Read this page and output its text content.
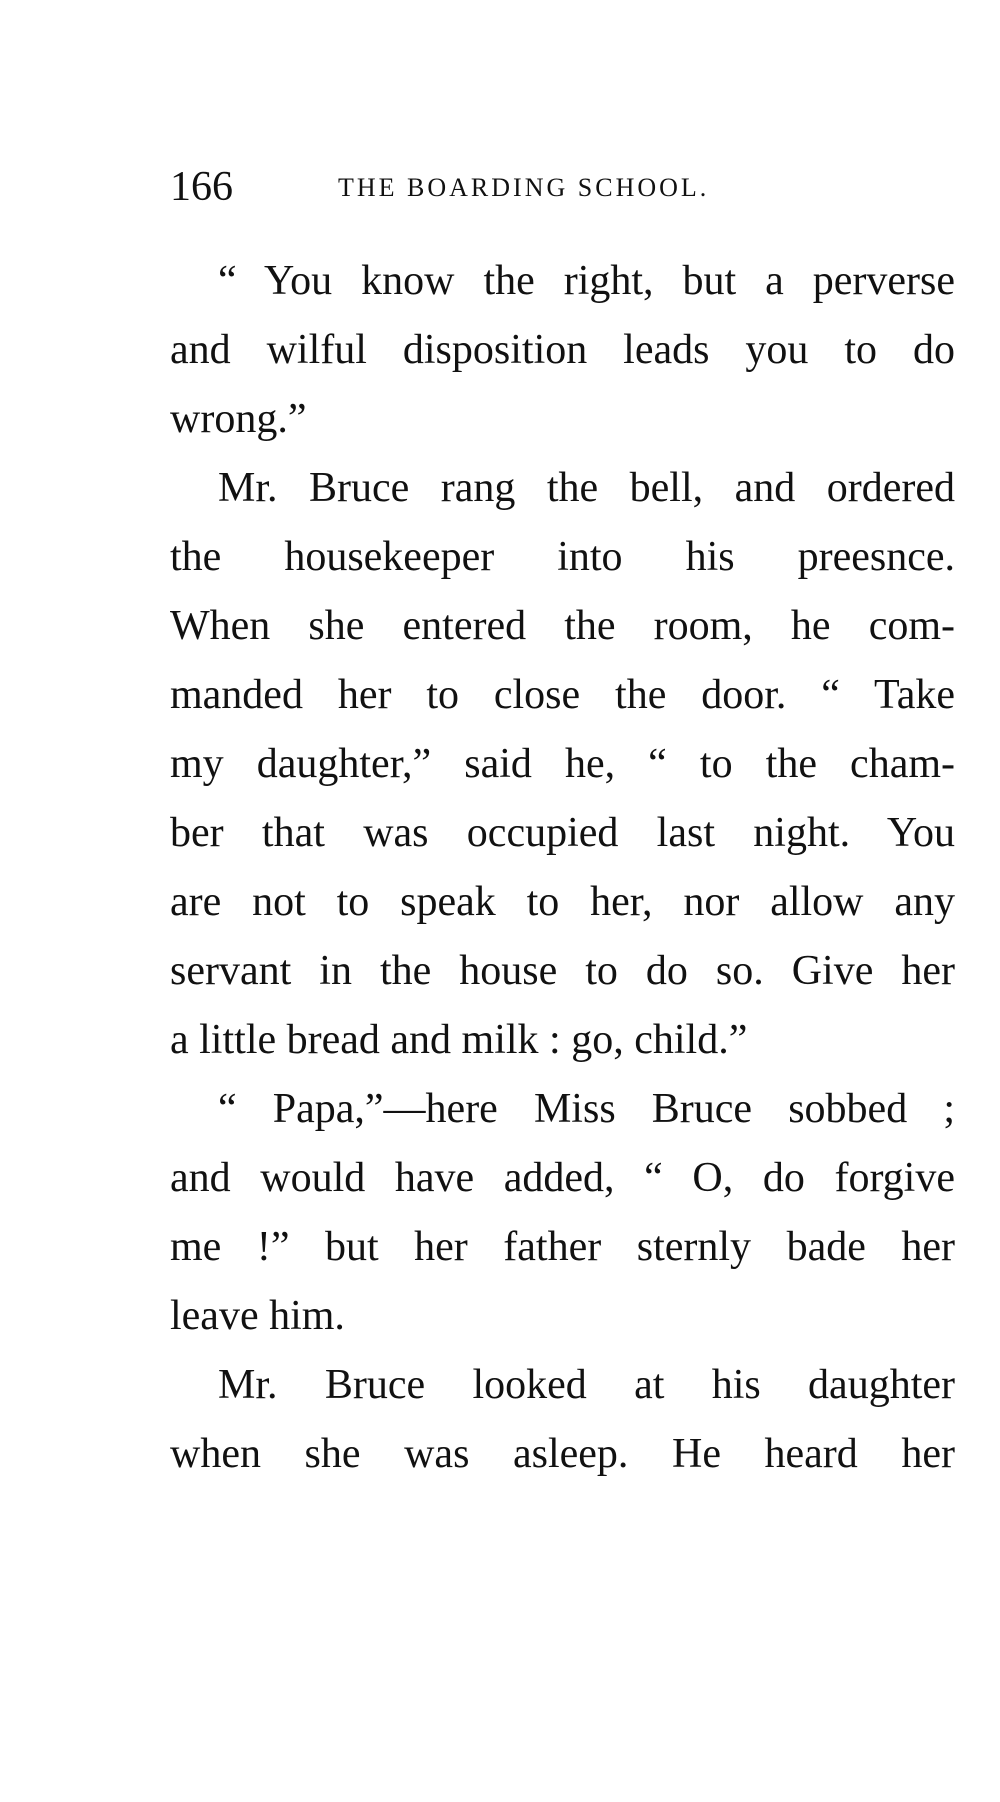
166	THE BOARDING SCHOOL.
“ You know the right, but a perverse
and wilful disposition leads you to do
wrong.”
Mr. Bruce rang the bell, and ordered
the housekeeper into his preesnce.
When she entered the room, he com-
manded her to close the door. “ Take
my daughter,” said he, “ to the cham-
ber that was occupied last night. You
are not to speak to her, nor allow any
servant in the house to do so. Give her
a little bread and milk : go, child.”
“ Papa,”—here Miss Bruce sobbed ;
and would have added, “ O, do forgive
me !” but her father sternly bade her
leave him.
Mr. Bruce looked at his daughter
when she was asleep. He heard her
